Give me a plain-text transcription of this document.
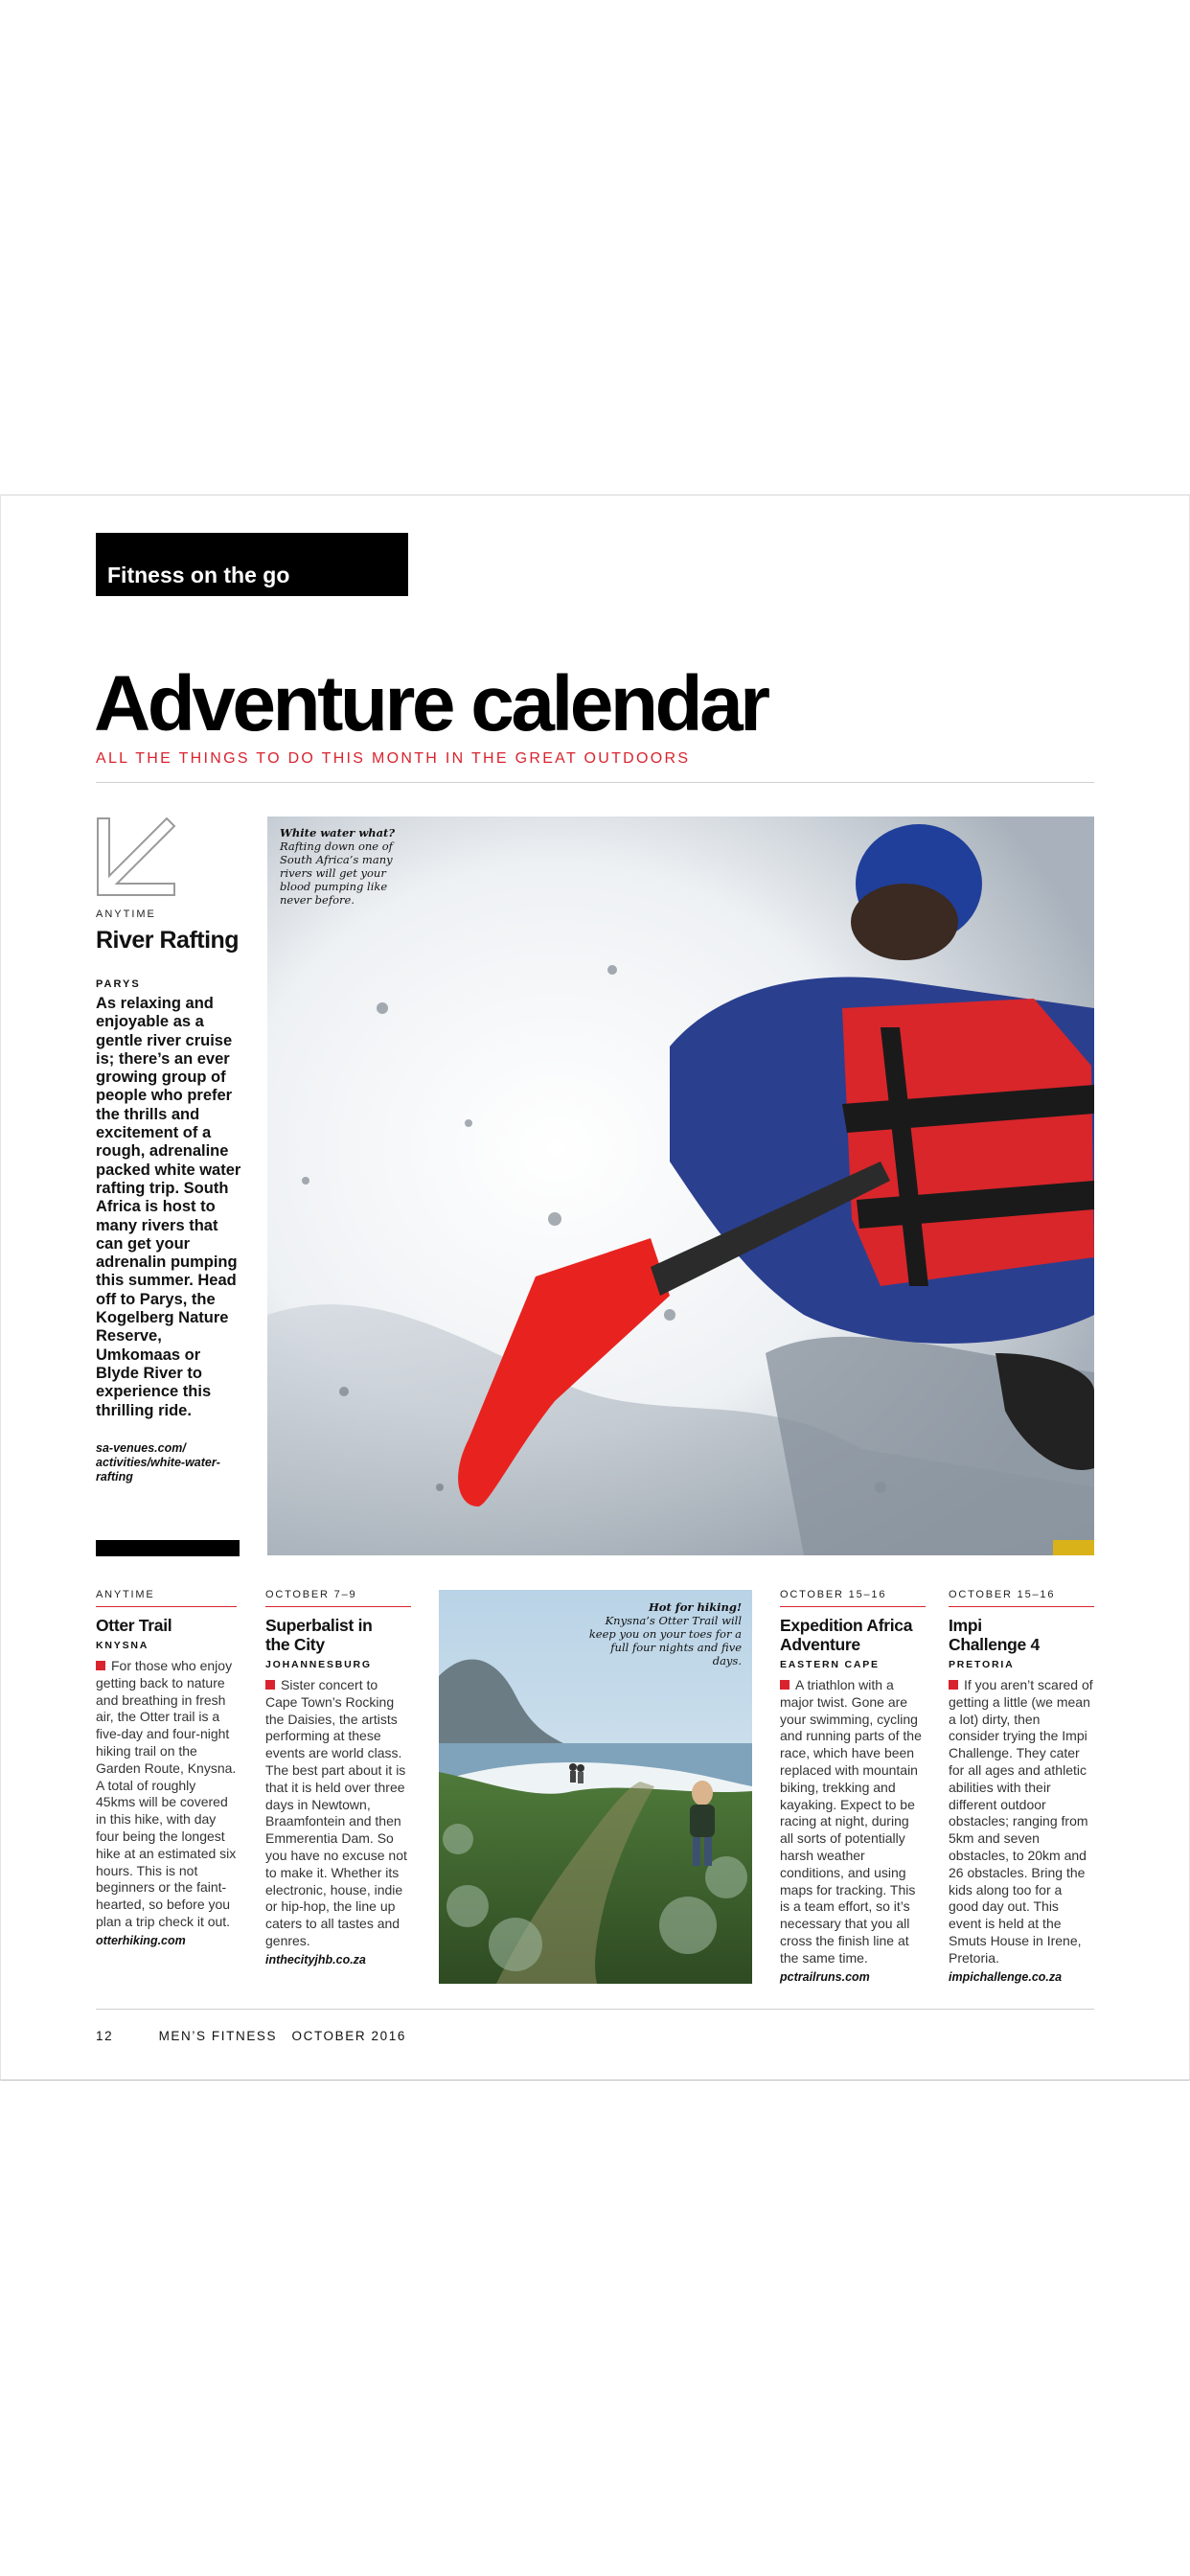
Fitness on the go
Adventure calendar
ALL THE THINGS TO DO THIS MONTH IN THE GREAT OUTDOORS
ANYTIME
River Rafting
PARYS
As relaxing and enjoyable as a gentle river cruise is; there’s an ever growing group of people who prefer the thrills and excitement of a rough, adrenaline packed white water rafting trip. South Africa is host to many rivers that can get your adrenalin pumping this summer. Head off to Parys, the Kogelberg Nature Reserve, Umkomaas or Blyde River to experience this thrilling ride.
sa-venues.com/ activities/white-water- rafting
White water what?
Rafting down one of South Africa’s many rivers will get your blood pumping like never before.
ANYTIME
Otter Trail
KNYSNA
For those who enjoy getting back to nature and breathing in fresh air, the Otter trail is a five-day and four-night hiking trail on the Garden Route, Knysna. A total of roughly 45kms will be covered in this hike, with day four being the longest hike at an estimated six hours. This is not beginners or the faint-hearted, so before you plan a trip check it out.
otterhiking.com
OCTOBER 7–9
Superbalist in the City
JOHANNESBURG
Sister concert to Cape Town’s Rocking the Daisies, the artists performing at these events are world class. The best part about it is that it is held over three days in Newtown, Braamfontein and then Emmerentia Dam. So you have no excuse not to make it. Whether its electronic, house, indie or hip-hop, the line up caters to all tastes and genres.
inthecityjhb.co.za
Hot for hiking!
Knysna’s Otter Trail will keep you on your toes for a full four nights and five days.
OCTOBER 15–16
Expedition Africa Adventure
EASTERN CAPE
A triathlon with a major twist. Gone are your swimming, cycling and running parts of the race, which have been replaced with mountain biking, trekking and kayaking. Expect to be racing at night, during all sorts of potentially harsh weather conditions, and using maps for tracking. This is a team effort, so it’s necessary that you all cross the finish line at the same time.
pctrailruns.com
OCTOBER 15–16
Impi Challenge 4
PRETORIA
If you aren’t scared of getting a little (we mean a lot) dirty, then consider trying the Impi Challenge. They cater for all ages and athletic abilities with their different outdoor obstacles; ranging from 5km and seven obstacles, to 20km and 26 obstacles. Bring the kids along too for a good day out. This event is held at the Smuts House in Irene, Pretoria.
impichallenge.co.za
12	MEN’S FITNESS OCTOBER 2016
